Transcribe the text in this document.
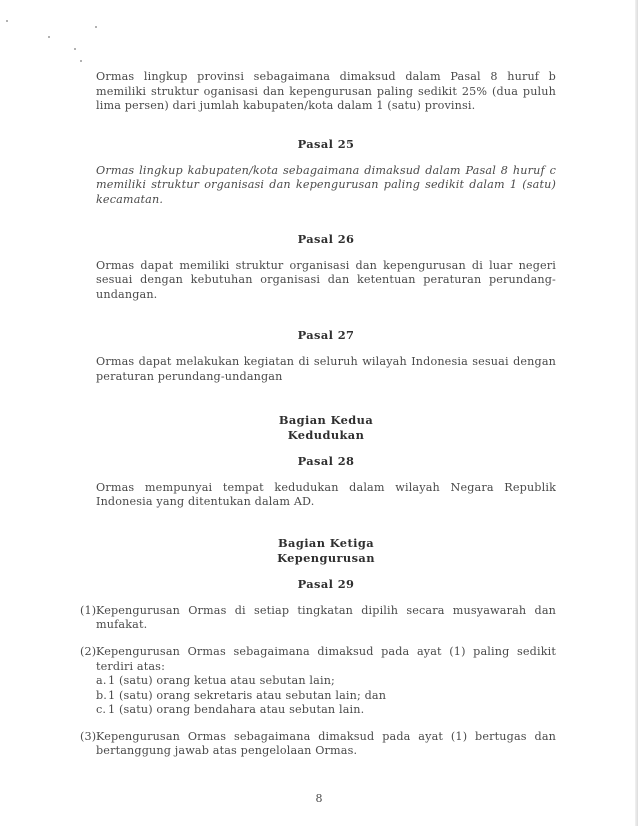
Ormas lingkup provinsi sebagaimana dimaksud dalam Pasal 8 huruf b memiliki struktur oganisasi dan kepengurusan paling sedikit 25% (dua puluh lima persen) dari jumlah kabupaten/kota dalam 1 (satu) provinsi.

Pasal 25

Ormas lingkup kabupaten/kota sebagaimana dimaksud dalam Pasal 8 huruf c memiliki struktur organisasi dan kepengurusan paling sedikit dalam 1 (satu) kecamatan.

Pasal 26

Ormas dapat memiliki struktur organisasi dan kepengurusan di luar negeri sesuai dengan kebutuhan organisasi dan ketentuan peraturan perundang-undangan.

Pasal 27

Ormas dapat melakukan kegiatan di seluruh wilayah Indonesia sesuai dengan peraturan perundang-undangan

Bagian Kedua
Kedudukan
Pasal 28

Ormas mempunyai tempat kedudukan dalam wilayah Negara Republik Indonesia yang ditentukan dalam AD.

Bagian Ketiga
Kepengurusan
Pasal 29
(1) Kepengurusan Ormas di setiap tingkatan dipilih secara musyawarah dan mufakat.

(2) Kepengurusan Ormas sebagaimana dimaksud pada ayat (1) paling sedikit terdiri atas:

a. 1 (satu) orang ketua atau sebutan lain;
b. 1 (satu) orang sekretaris atau sebutan lain; dan
c. 1 (satu) orang bendahara atau sebutan lain.
(3) Kepengurusan Ormas sebagaimana dimaksud pada ayat (1) bertugas dan bertanggung jawab atas pengelolaan Ormas.

8
